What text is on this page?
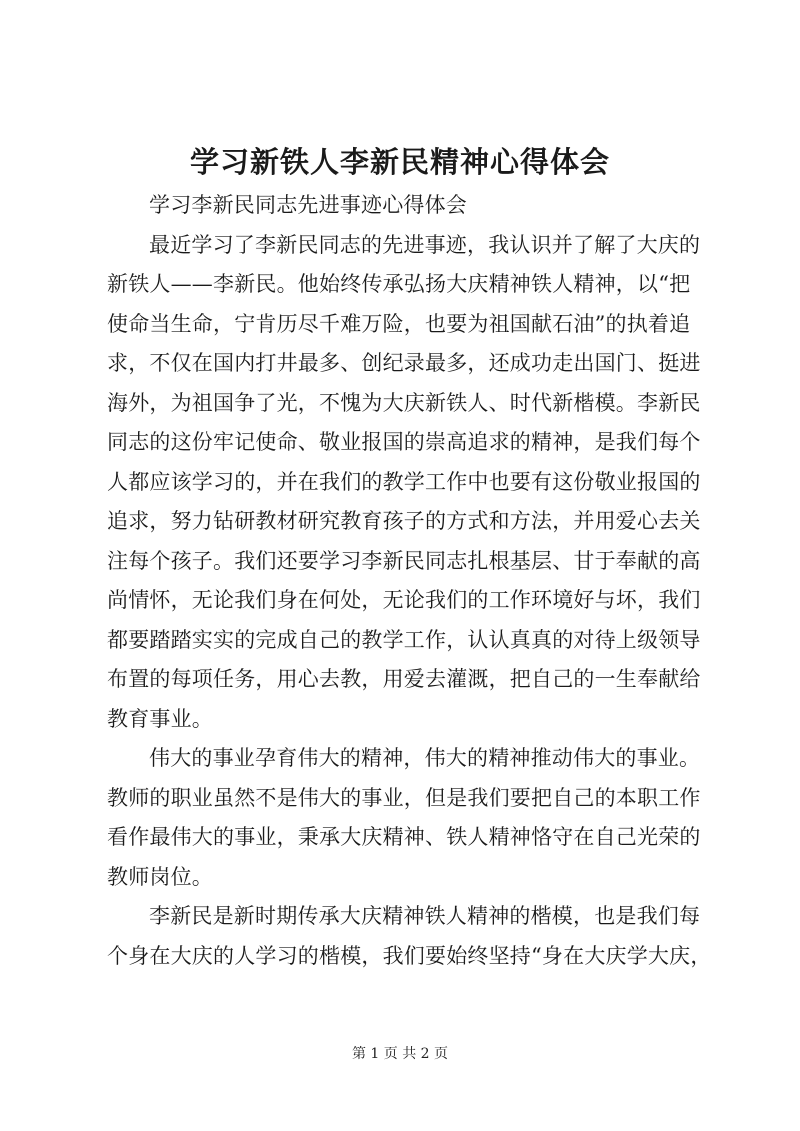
学习新铁人李新民精神心得体会
学习李新民同志先进事迹心得体会
最近学习了李新民同志的先进事迹，我认识并了解了大庆的
新铁人——李新民。他始终传承弘扬大庆精神铁人精神，以“把
使命当生命，宁肯历尽千难万险，也要为祖国献石油”的执着追
求，不仅在国内打井最多、创纪录最多，还成功走出国门、挺进
海外，为祖国争了光，不愧为大庆新铁人、时代新楷模。李新民
同志的这份牢记使命、敬业报国的崇高追求的精神，是我们每个
人都应该学习的，并在我们的教学工作中也要有这份敬业报国的
追求，努力钻研教材研究教育孩子的方式和方法，并用爱心去关
注每个孩子。我们还要学习李新民同志扎根基层、甘于奉献的高
尚情怀，无论我们身在何处，无论我们的工作环境好与坏，我们
都要踏踏实实的完成自己的教学工作，认认真真的对待上级领导
布置的每项任务，用心去教，用爱去灌溉，把自己的一生奉献给
教育事业。
伟大的事业孕育伟大的精神，伟大的精神推动伟大的事业。
教师的职业虽然不是伟大的事业，但是我们要把自己的本职工作
看作最伟大的事业，秉承大庆精神、铁人精神恪守在自己光荣的
教师岗位。
李新民是新时期传承大庆精神铁人精神的楷模，也是我们每
个身在大庆的人学习的楷模，我们要始终坚持“身在大庆学大庆，
第 1 页 共 2 页
